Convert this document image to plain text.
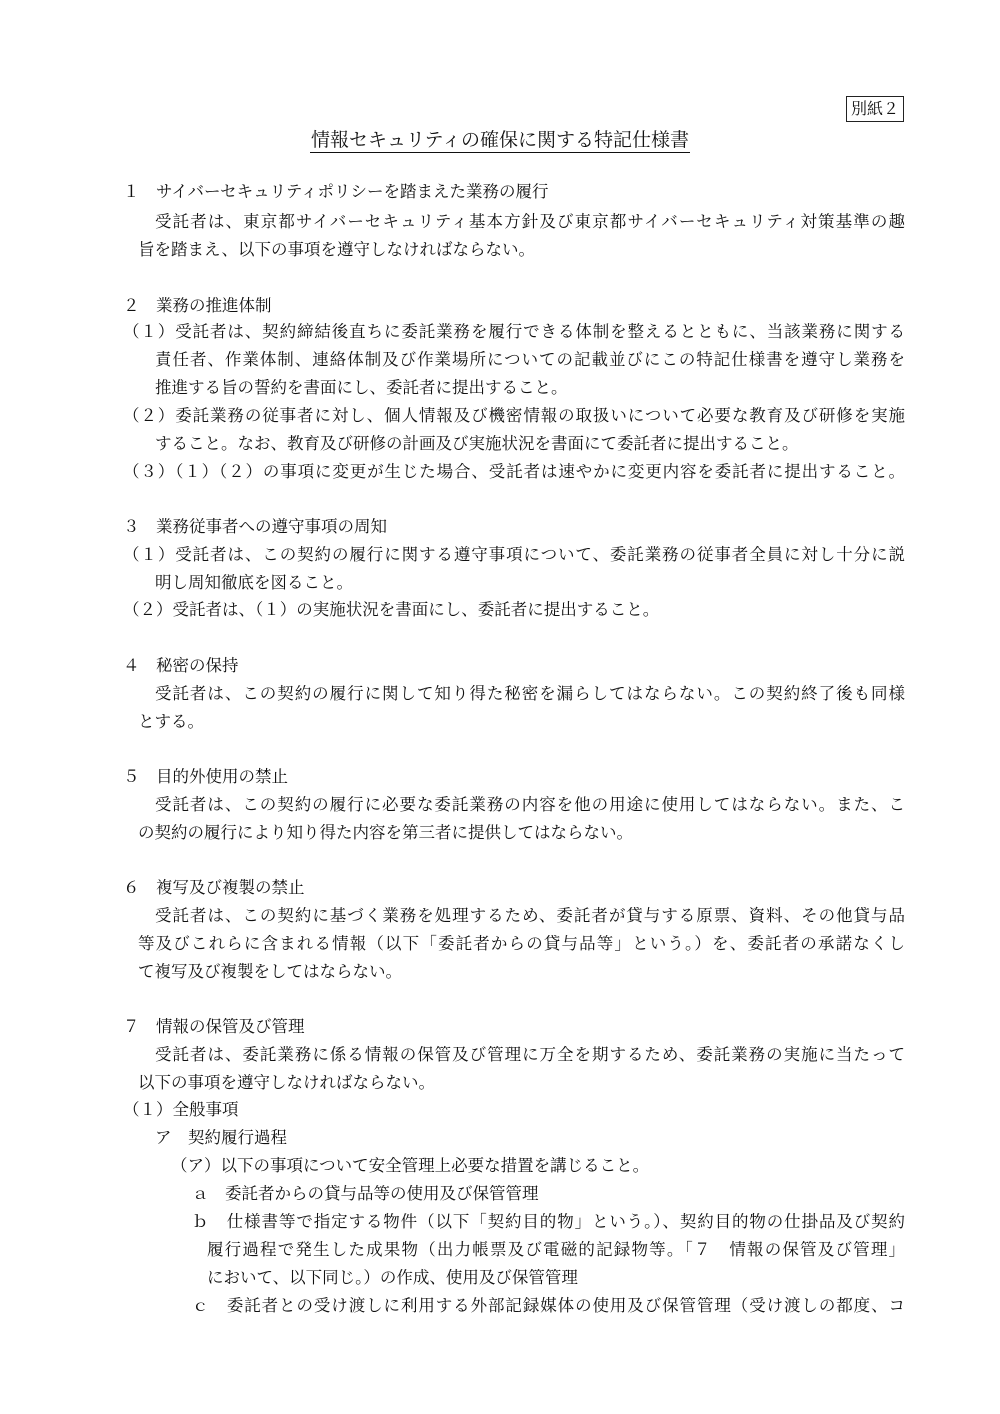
別紙２
情報セキュリティの確保に関する特記仕様書
１　サイバーセキュリティポリシーを踏まえた業務の履行
受託者は、東京都サイバーセキュリティ基本方針及び東京都サイバーセキュリティ対策基準の趣
旨を踏まえ、以下の事項を遵守しなければならない。
２　業務の推進体制
（１）受託者は、契約締結後直ちに委託業務を履行できる体制を整えるとともに、当該業務に関する
責任者、作業体制、連絡体制及び作業場所についての記載並びにこの特記仕様書を遵守し業務を
推進する旨の誓約を書面にし、委託者に提出すること。
（２）委託業務の従事者に対し、個人情報及び機密情報の取扱いについて必要な教育及び研修を実施
すること。なお、教育及び研修の計画及び実施状況を書面にて委託者に提出すること。
（３）（１）（２）の事項に変更が生じた場合、受託者は速やかに変更内容を委託者に提出すること。
３　業務従事者への遵守事項の周知
（１）受託者は、この契約の履行に関する遵守事項について、委託業務の従事者全員に対し十分に説
明し周知徹底を図ること。
（２）受託者は、（１）の実施状況を書面にし、委託者に提出すること。
４　秘密の保持
受託者は、この契約の履行に関して知り得た秘密を漏らしてはならない。この契約終了後も同様
とする。
５　目的外使用の禁止
受託者は、この契約の履行に必要な委託業務の内容を他の用途に使用してはならない。また、こ
の契約の履行により知り得た内容を第三者に提供してはならない。
６　複写及び複製の禁止
受託者は、この契約に基づく業務を処理するため、委託者が貸与する原票、資料、その他貸与品
等及びこれらに含まれる情報（以下「委託者からの貸与品等」という。）を、委託者の承諾なくし
て複写及び複製をしてはならない。
７　情報の保管及び管理
受託者は、委託業務に係る情報の保管及び管理に万全を期するため、委託業務の実施に当たって
以下の事項を遵守しなければならない。
（１）全般事項
ア　契約履行過程
（ア）以下の事項について安全管理上必要な措置を講じること。
ａ　委託者からの貸与品等の使用及び保管管理
ｂ　仕様書等で指定する物件（以下「契約目的物」という。）、契約目的物の仕掛品及び契約
履行過程で発生した成果物（出力帳票及び電磁的記録物等。「７　情報の保管及び管理」
において、以下同じ。）の作成、使用及び保管管理
ｃ　委託者との受け渡しに利用する外部記録媒体の使用及び保管管理（受け渡しの都度、コ
